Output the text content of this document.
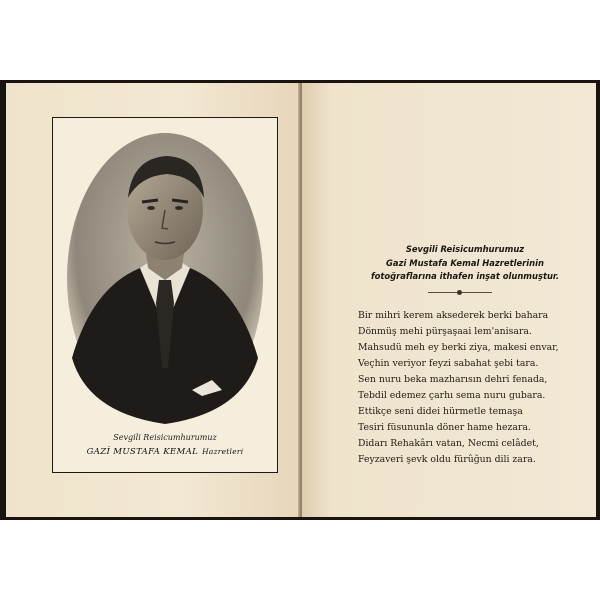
Sevgili Reisicumhurumuz
GAZİ MUSTAFA KEMAL Hazretleri
Sevgili Reisicumhurumuz
Gazi Mustafa Kemal Hazretlerinin
fotoğraflarına ithafen inşat olunmuştur.
Bir mihri kerem aksederek berki bahara
Dönmüş mehi pürşaşaai lem'anisara.
Mahsudü meh ey berki ziya, makesi envar,
Veçhin veriyor feyzi sabahat şebi tara.
Sen nuru beka mazharısın dehri fenada,
Tebdil edemez çarhı sema nuru gubara.
Ettikçe seni didei hürmetle temaşa
Tesiri füsununla döner hame hezara.
Didarı Rehakârı vatan, Necmi celâdet,
Feyzaveri şevk oldu fürûğun dili zara.
